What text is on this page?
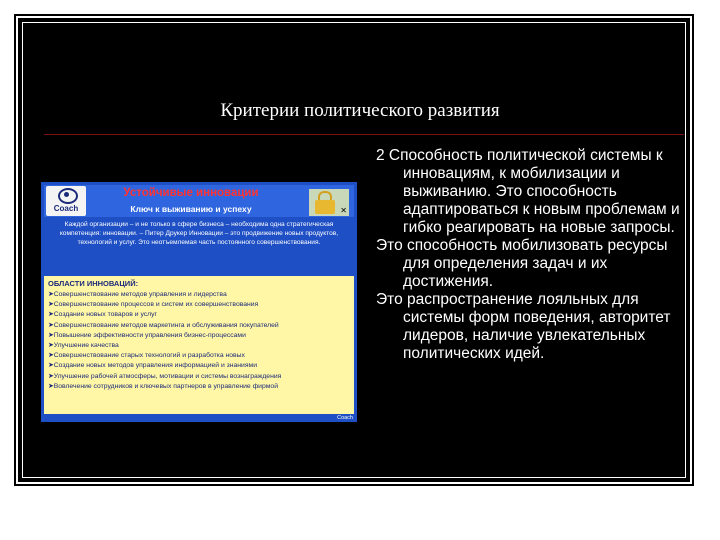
Критерии политического развития
Coach
Устойчивые инновации
Ключ к выживанию и успеху	✕
Каждой организации – и не только в сфере бизнеса – необходима одна стратегическая компетенция: инновации. – Питер Друкер Инновации – это продвижение новых продуктов, технологий и услуг. Это неотъемлемая часть постоянного совершенствования.
ОБЛАСТИ ИННОВАЦИЙ:
➤ Совершенствование методов управления и лидерства
➤ Совершенствование процессов и систем их совершенствования
➤ Создание новых товаров и услуг
➤ Совершенствование методов маркетинга и обслуживания покупателей
➤ Повышение эффективности управления бизнес-процессами
➤ Улучшение качества
➤ Совершенствование старых технологий и разработка новых
➤ Создание новых методов управления информацией и знаниями
➤ Улучшение рабочей атмосферы, мотивации и системы вознаграждения
➤ Вовлечение сотрудников и ключевых партнеров в управление фирмой
Coach

2 Способность политической системы к инновациям, к мобилизации и выживанию. Это способность адаптироваться к новым проблемам и гибко реагировать на новые запросы.

Это способность мобилизовать ресурсы для определения задач и их достижения.

Это распространение лояльных для системы форм поведения, авторитет лидеров, наличие увлекательных политических идей.
